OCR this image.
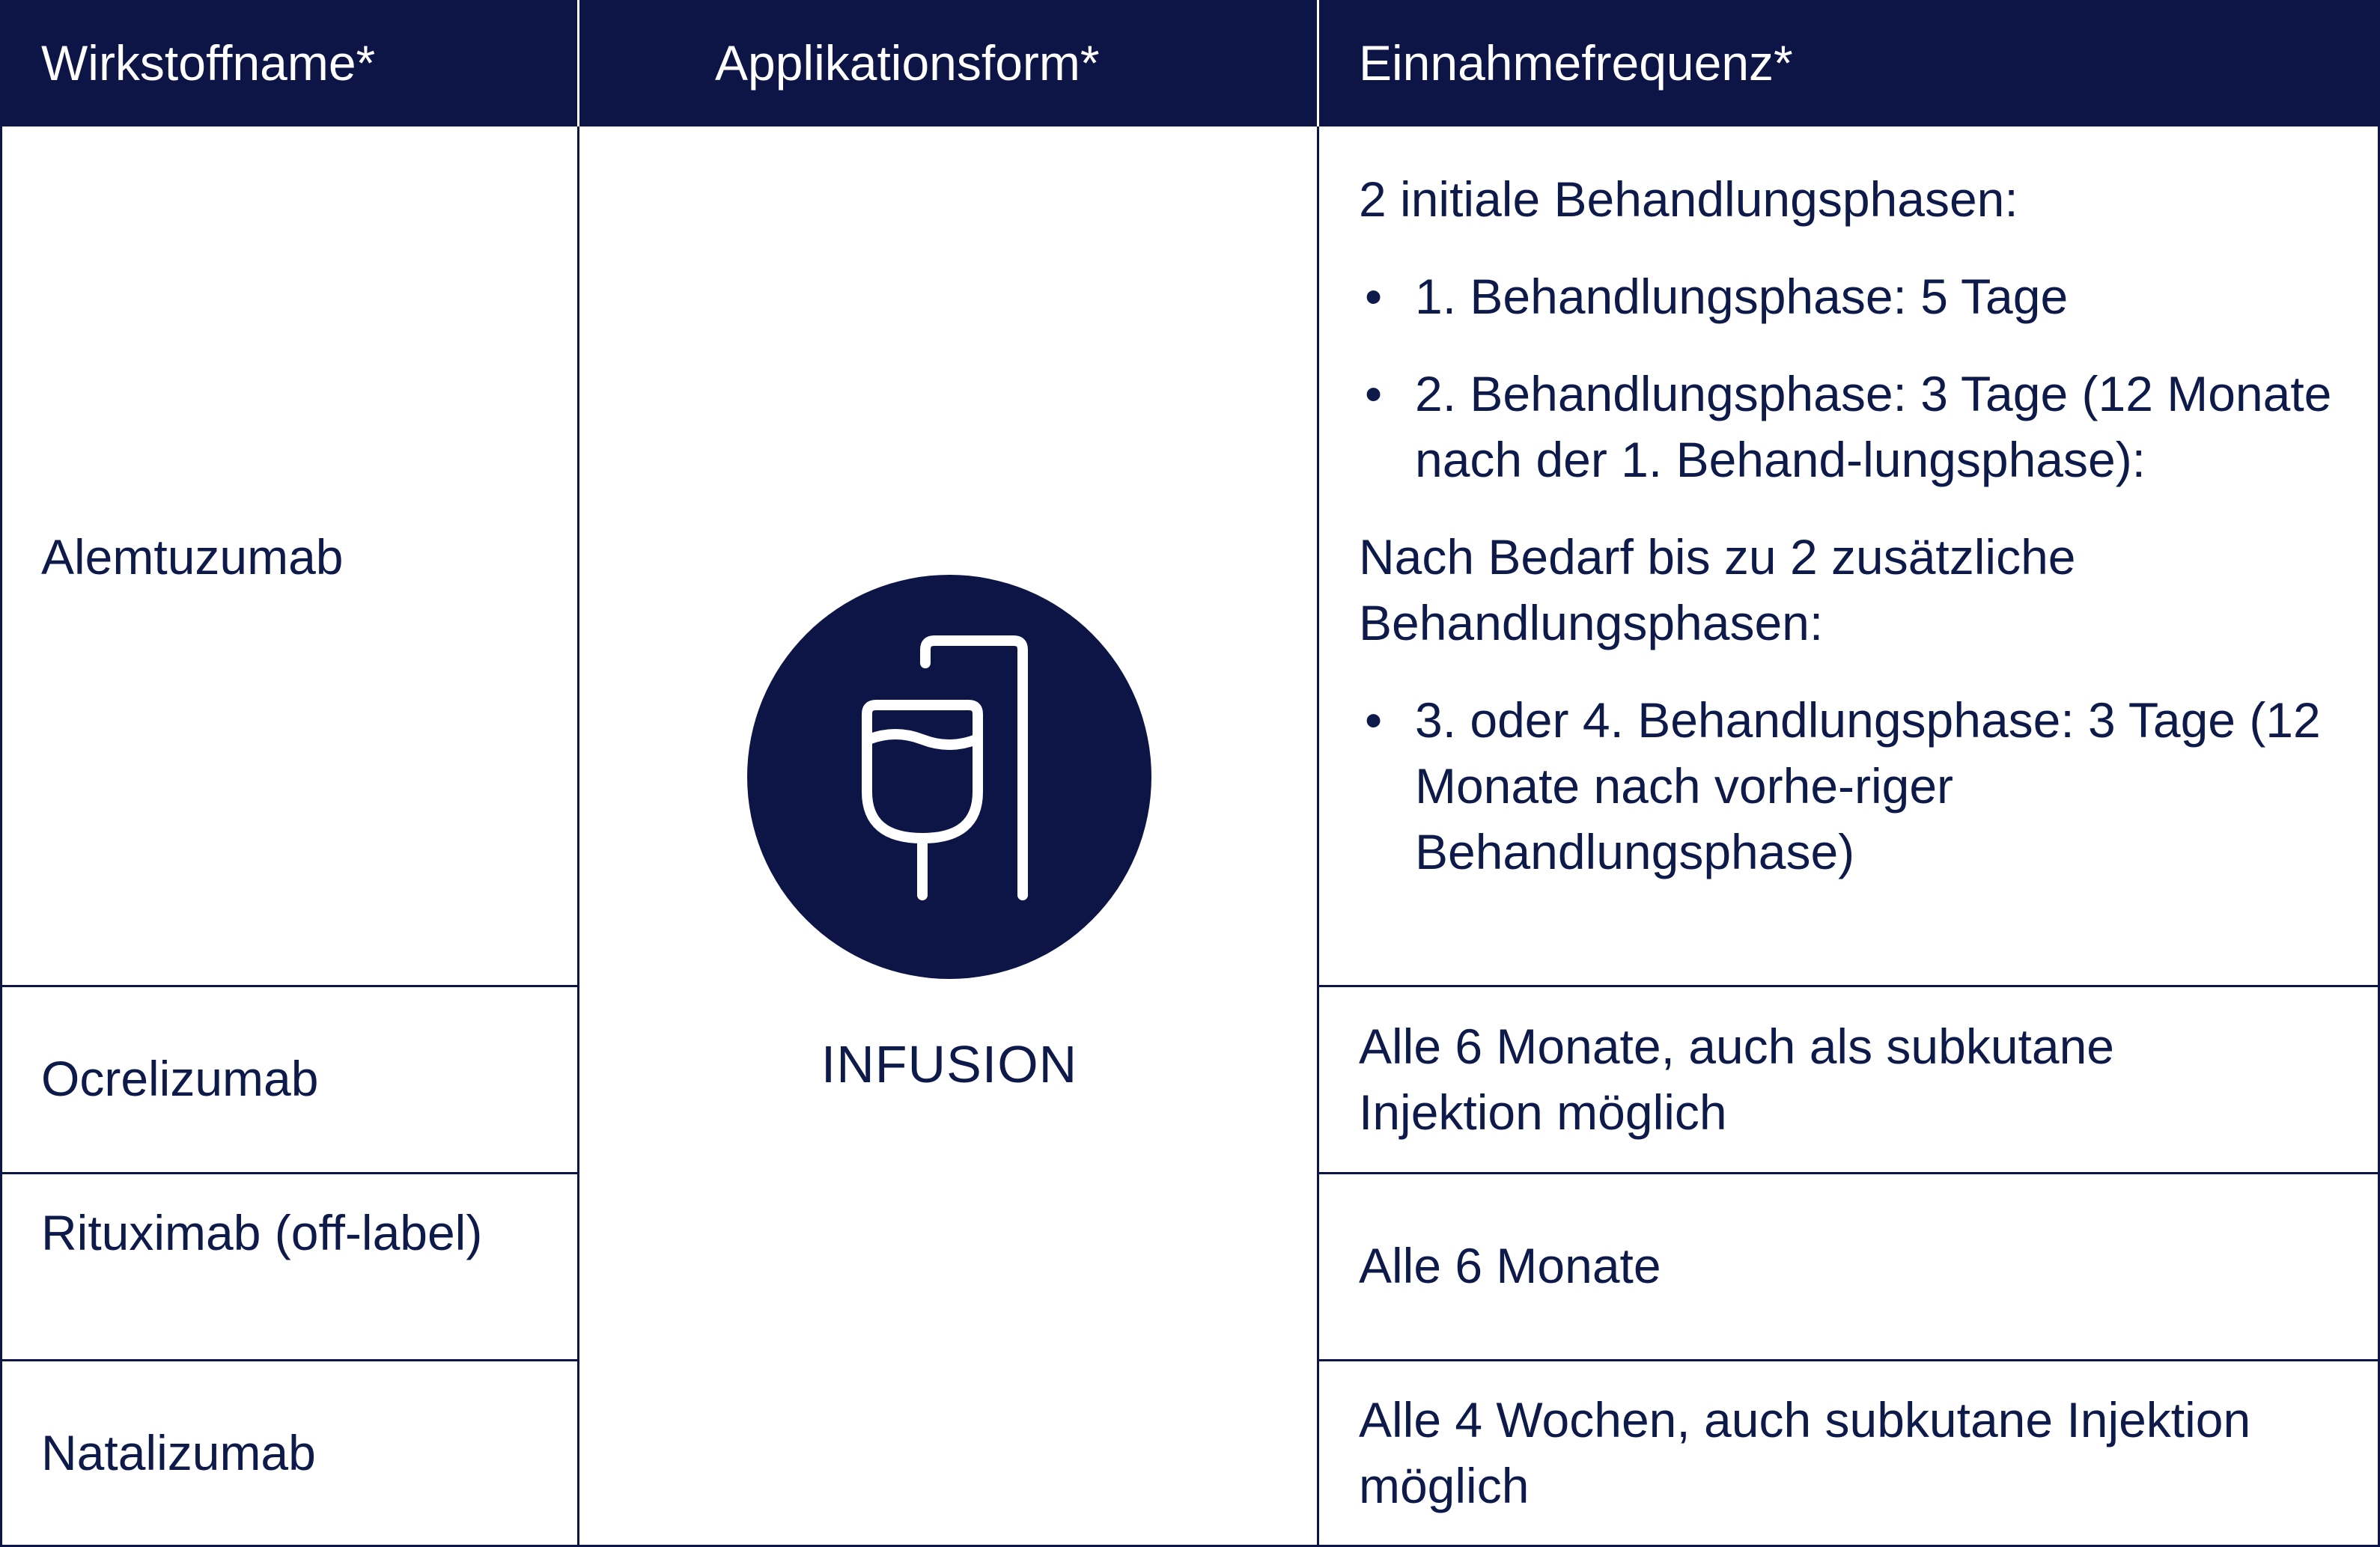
Wirkstoffname*	Applikationsform*	Einnahmefrequenz*
Alemtuzumab
Ocrelizumab
Rituximab (off-label)
Natalizumab
INFUSION

2 initiale Behandlungsphasen:

• 1. Behandlungsphase: 5 Tage

• 2. Behandlungsphase: 3 Tage (12 Monate nach der 1. Behand-lungsphase):

Nach Bedarf bis zu 2 zusätzliche Behandlungsphasen:

• 3. oder 4. Behandlungsphase: 3 Tage (12 Monate nach vorhe-riger Behandlungsphase)

Alle 6 Monate, auch als subkutane Injektion möglich
Alle 6 Monate
Alle 4 Wochen, auch subkutane Injektion möglich
